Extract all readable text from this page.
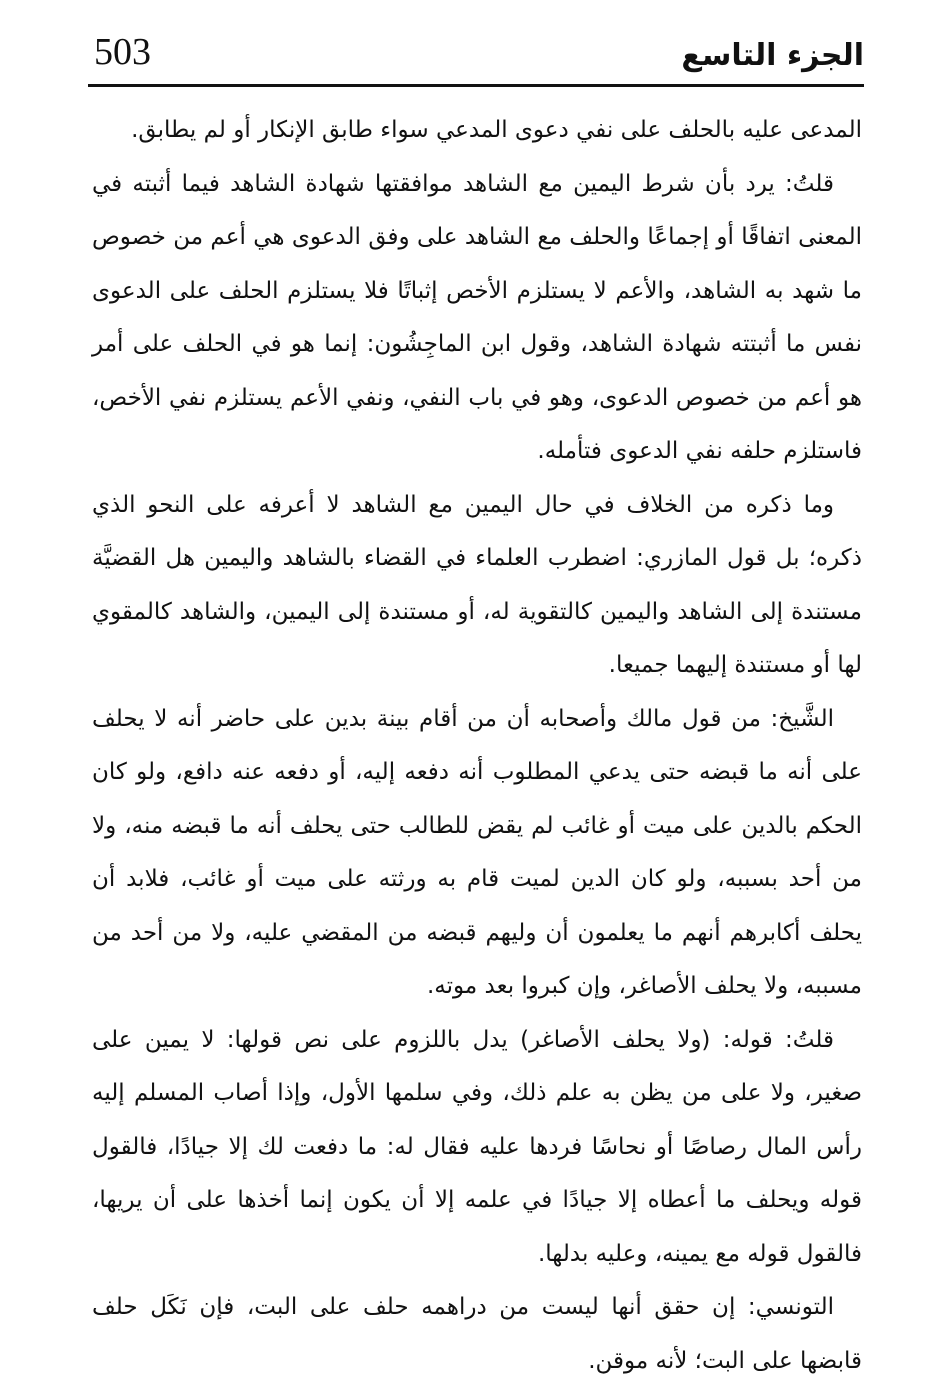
503	الجزء التاسع

المدعى عليه بالحلف على نفي دعوى المدعي سواء طابق الإنكار أو لم يطابق.

قلتُ: يرد بأن شرط اليمين مع الشاهد موافقتها شهادة الشاهد فيما أثبته في المعنى اتفاقًا أو إجماعًا والحلف مع الشاهد على وفق الدعوى هي أعم من خصوص ما شهد به الشاهد، والأعم لا يستلزم الأخص إثباتًا فلا يستلزم الحلف على الدعوى نفس ما أثبتته شهادة الشاهد، وقول ابن الماجِشُون: إنما هو في الحلف على أمر هو أعم من خصوص الدعوى، وهو في باب النفي، ونفي الأعم يستلزم نفي الأخص، فاستلزم حلفه نفي الدعوى فتأمله.

وما ذكره من الخلاف في حال اليمين مع الشاهد لا أعرفه على النحو الذي ذكره؛ بل قول المازري: اضطرب العلماء في القضاء بالشاهد واليمين هل القضيَّة مستندة إلى الشاهد واليمين كالتقوية له، أو مستندة إلى اليمين، والشاهد كالمقوي لها أو مستندة إليهما جميعا.

الشَّيخ: من قول مالك وأصحابه أن من أقام بينة بدين على حاضر أنه لا يحلف على أنه ما قبضه حتى يدعي المطلوب أنه دفعه إليه، أو دفعه عنه دافع، ولو كان الحكم بالدين على ميت أو غائب لم يقض للطالب حتى يحلف أنه ما قبضه منه، ولا من أحد بسببه، ولو كان الدين لميت قام به ورثته على ميت أو غائب، فلابد أن يحلف أكابرهم أنهم ما يعلمون أن وليهم قبضه من المقضي عليه، ولا من أحد من مسببه، ولا يحلف الأصاغر، وإن كبروا بعد موته.

قلتُ: قوله: (ولا يحلف الأصاغر) يدل باللزوم على نص قولها: لا يمين على صغير، ولا على من يظن به علم ذلك، وفي سلمها الأول، وإذا أصاب المسلم إليه رأس المال رصاصًا أو نحاسًا فردها عليه فقال له: ما دفعت لك إلا جيادًا، فالقول قوله ويحلف ما أعطاه إلا جيادًا في علمه إلا أن يكون إنما أخذها على أن يريها، فالقول قوله مع يمينه، وعليه بدلها.

التونسي: إن حقق أنها ليست من دراهمه حلف على البت، فإن نَكَل حلف قابضها على البت؛ لأنه موقن.
